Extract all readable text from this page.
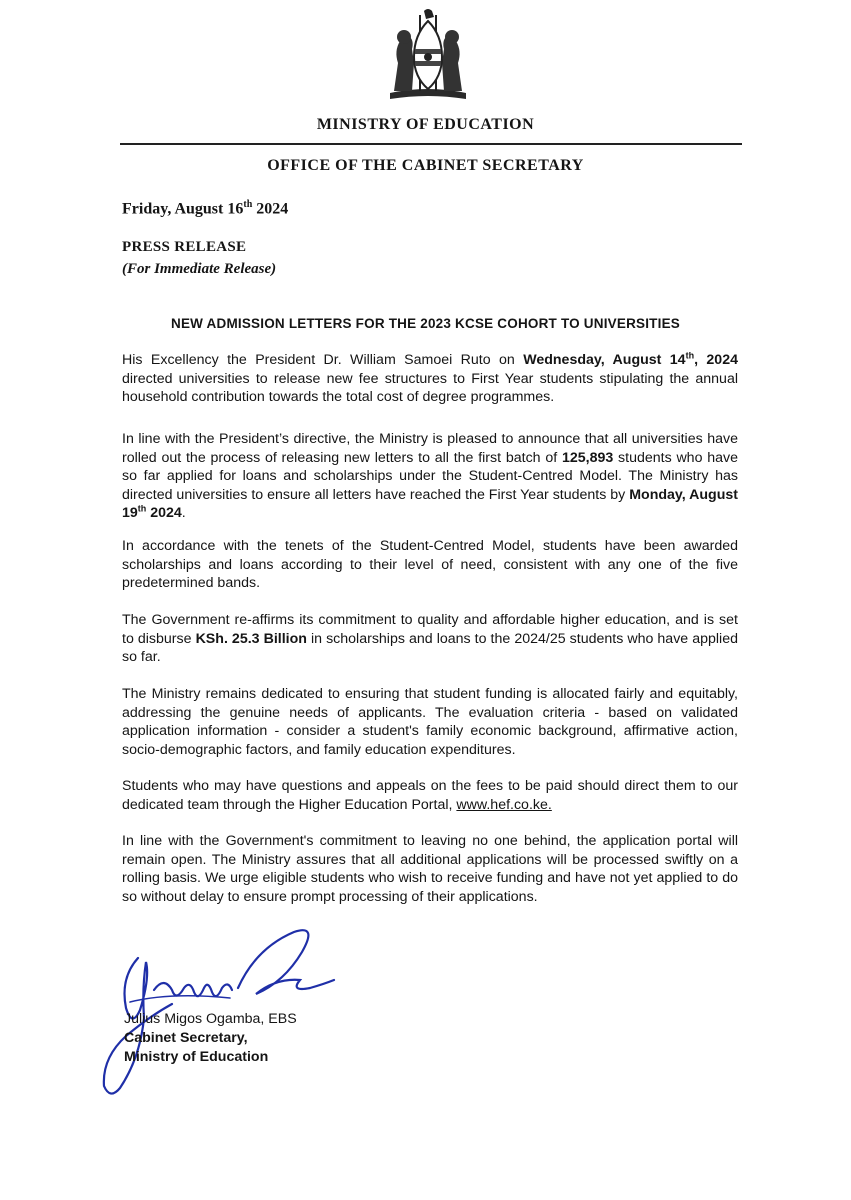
MINISTRY OF EDUCATION
OFFICE OF THE CABINET SECRETARY
Friday, August 16th 2024
PRESS RELEASE
(For Immediate Release)
NEW ADMISSION LETTERS FOR THE 2023 KCSE COHORT TO UNIVERSITIES

His Excellency the President Dr. William Samoei Ruto on Wednesday, August 14th, 2024 directed universities to release new fee structures to First Year students stipulating the annual household contribution towards the total cost of degree programmes.

In line with the President’s directive, the Ministry is pleased to announce that all universities have rolled out the process of releasing new letters to all the first batch of 125,893 students who have so far applied for loans and scholarships under the Student-Centred Model. The Ministry has directed universities to ensure all letters have reached the First Year students by Monday, August 19th 2024.

In accordance with the tenets of the Student-Centred Model, students have been awarded scholarships and loans according to their level of need, consistent with any one of the five predetermined bands.

The Government re-affirms its commitment to quality and affordable higher education, and is set to disburse KSh. 25.3 Billion in scholarships and loans to the 2024/25 students who have applied so far.

The Ministry remains dedicated to ensuring that student funding is allocated fairly and equitably, addressing the genuine needs of applicants. The evaluation criteria - based on validated application information - consider a student's family economic background, affirmative action, socio-demographic factors, and family education expenditures.

Students who may have questions and appeals on the fees to be paid should direct them to our dedicated team through the Higher Education Portal, www.hef.co.ke.

In line with the Government's commitment to leaving no one behind, the application portal will remain open. The Ministry assures that all additional applications will be processed swiftly on a rolling basis. We urge eligible students who wish to receive funding and have not yet applied to do so without delay to ensure prompt processing of their applications.

Julius Migos Ogamba, EBS
Cabinet Secretary,
Ministry of Education
